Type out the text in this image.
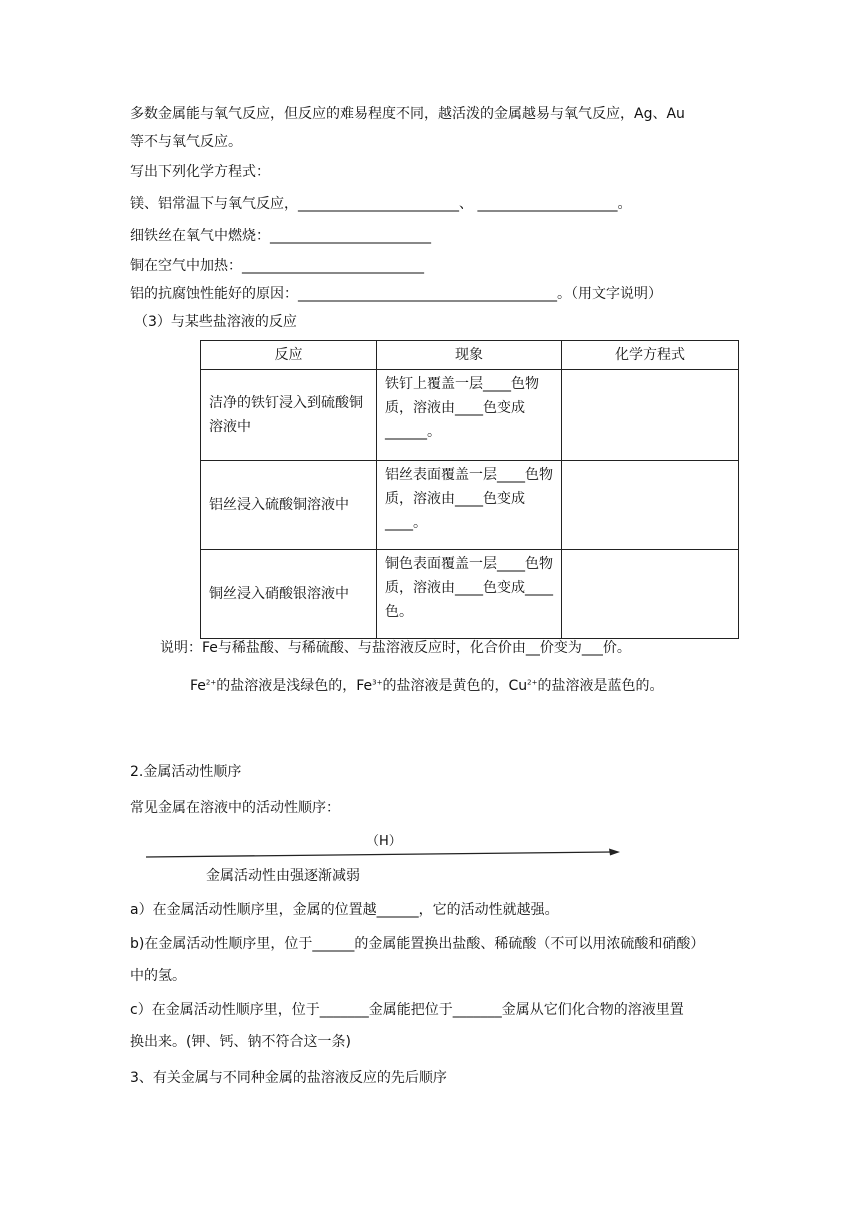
多数金属能与氧气反应，但反应的难易程度不同，越活泼的金属越易与氧气反应，Ag、Au
等不与氧气反应。
写出下列化学方程式：
镁、铝常温下与氧气反应，_______________________、 ____________________。
细铁丝在氧气中燃烧：_______________________
铜在空气中加热：__________________________
铝的抗腐蚀性能好的原因：_____________________________________。（用文字说明）
（3）与某些盐溶液的反应
反应	现象	化学方程式
洁净的铁钉浸入到硫酸铜溶液中	铁钉上覆盖一层____色物质，溶液由____色变成______。	
铝丝浸入硫酸铜溶液中	铝丝表面覆盖一层____色物质，溶液由____色变成____。	
铜丝浸入硝酸银溶液中	铜色表面覆盖一层____色物质，溶液由____色变成____色。	
说明：Fe与稀盐酸、与稀硫酸、与盐溶液反应时，化合价由__价变为___价。
$Fe^{2+}$的盐溶液是浅绿色的，$Fe^{3+}$的盐溶液是黄色的，$Cu^{2+}$的盐溶液是蓝色的。
2.金属活动性顺序
常见金属在溶液中的活动性顺序：
（H）
金属活动性由强逐渐减弱
a）在金属活动性顺序里，金属的位置越______，它的活动性就越强。
b)在金属活动性顺序里，位于______的金属能置换出盐酸、稀硫酸（不可以用浓硫酸和硝酸）
中的氢。
c）在金属活动性顺序里，位于_______金属能把位于_______金属从它们化合物的溶液里置
换出来。(钾、钙、钠不符合这一条)
3、有关金属与不同种金属的盐溶液反应的先后顺序
